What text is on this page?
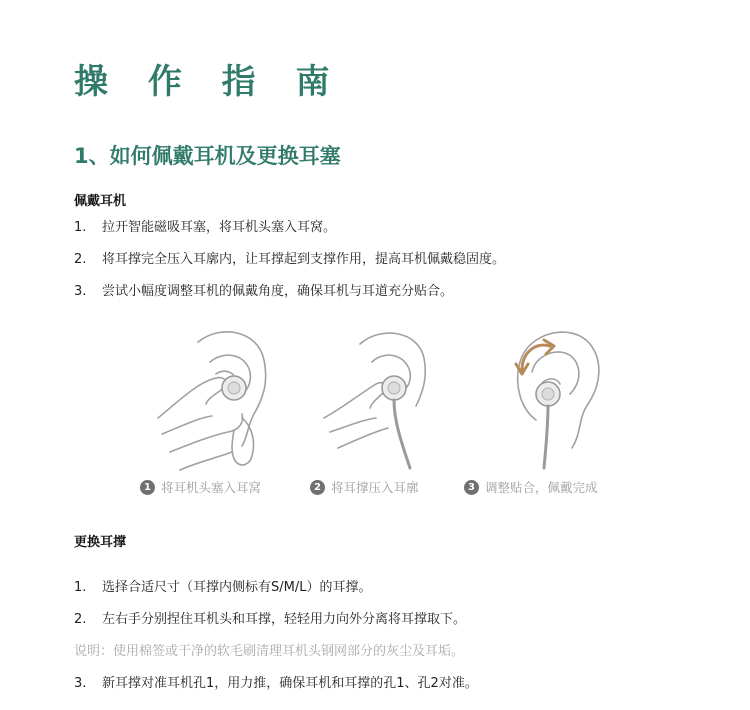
操 作 指 南
1、如何佩戴耳机及更换耳塞
佩戴耳机
1. 拉开智能磁吸耳塞，将耳机头塞入耳窝。
2. 将耳撑完全压入耳廓内，让耳撑起到支撑作用，提高耳机佩戴稳固度。
3. 尝试小幅度调整耳机的佩戴角度，确保耳机与耳道充分贴合。
1 将耳机头塞入耳窝	2 将耳撑压入耳廓	3 调整贴合，佩戴完成
更换耳撑
1. 选择合适尺寸（耳撑内侧标有S/M/L）的耳撑。
2. 左右手分别捏住耳机头和耳撑，轻轻用力向外分离将耳撑取下。
说明：使用棉签或干净的软毛刷清理耳机头钢网部分的灰尘及耳垢。
3. 新耳撑对准耳机孔1，用力推，确保耳机和耳撑的孔1、孔2对准。
